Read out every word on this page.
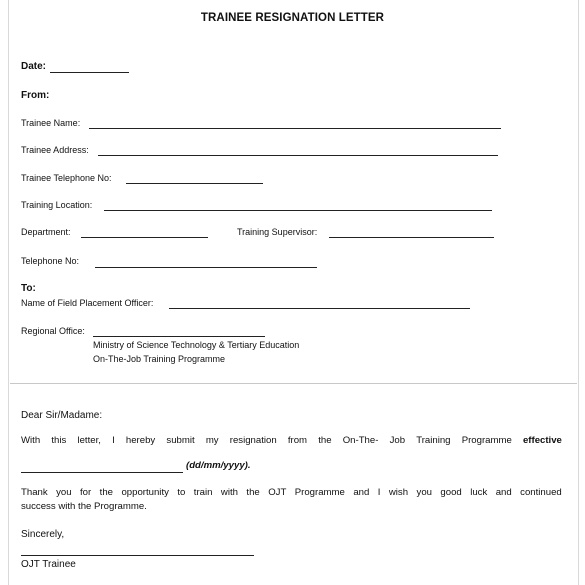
TRAINEE RESIGNATION LETTER
Date:
From:
Trainee Name:
Trainee Address:
Trainee Telephone No:
Training Location:
Department:	Training Supervisor:
Telephone No:
To:
Name of Field Placement Officer:
Regional Office:
Ministry of Science Technology & Tertiary Education
On-The-Job Training Programme
Dear Sir/Madame:
With this letter, I hereby submit my resignation from the On-The- Job Training Programme effective
(dd/mm/yyyy).
Thank you for the opportunity to train with the OJT Programme and I wish you good luck and continued
success with the Programme.
Sincerely,
OJT Trainee
